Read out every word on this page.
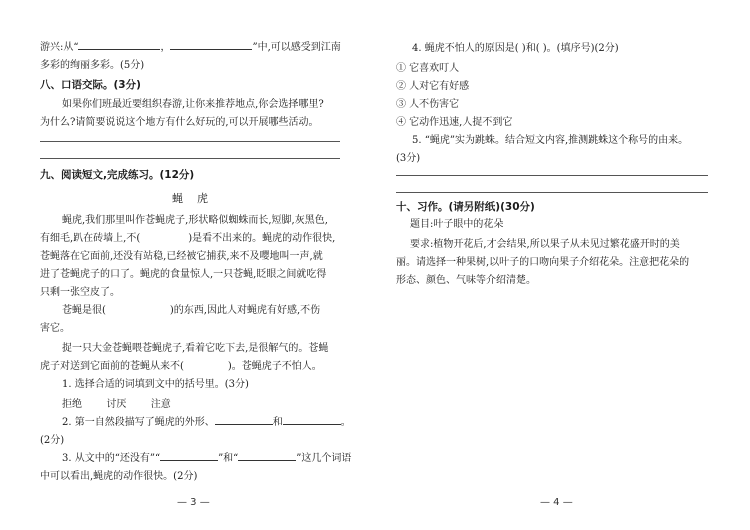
游兴:从“	，	”中,可以感受到江南
多彩的绚丽多彩。(5分)
八、口语交际。(3分)
如果你们班最近要组织春游,让你来推荐地点,你会选择哪里?
为什么?请简要说说这个地方有什么好玩的,可以开展哪些活动。
九、阅读短文,完成练习。(12分)
蝇虎
蝇虎,我们那里叫作苍蝇虎子,形状略似蜘蛛而长,短脚,灰黑色,
有细毛,趴在砖墙上,不(	)是看不出来的。蝇虎的动作很快,
苍蝇落在它面前,还没有站稳,已经被它捕获,来不及嘤地叫一声,就
进了苍蝇虎子的口了。蝇虎的食量惊人,一只苍蝇,眨眼之间就吃得
只剩一张空皮了。
苍蝇是很(	)的东西,因此人对蝇虎有好感,不伤
害它。
捉一只大金苍蝇喂苍蝇虎子,看着它吃下去,是很解气的。苍蝇
虎子对送到它面前的苍蝇从来不(	)。苍蝇虎子不怕人。
1. 选择合适的词填到文中的括号里。(3分)
拒绝 讨厌 注意
2. 第一自然段描写了蝇虎的外形、	和	。
(2分)
3. 从文中的“还没有”“	”和“	”这几个词语
中可以看出,蝇虎的动作很快。(2分)
— 3 —
4. 蝇虎不怕人的原因是( )和( )。(填序号)(2分)
① 它喜欢叮人
② 人对它有好感
③ 人不伤害它
④ 它动作迅速,人捉不到它
5. “蝇虎”实为跳蛛。结合短文内容,推测跳蛛这个称号的由来。
(3分)
十、习作。(请另附纸)(30分)
题目:叶子眼中的花朵
要求:植物开花后,才会结果,所以果子从未见过繁花盛开时的美
丽。请选择一种果树,以叶子的口吻向果子介绍花朵。注意把花朵的
形态、颜色、气味等介绍清楚。
— 4 —
